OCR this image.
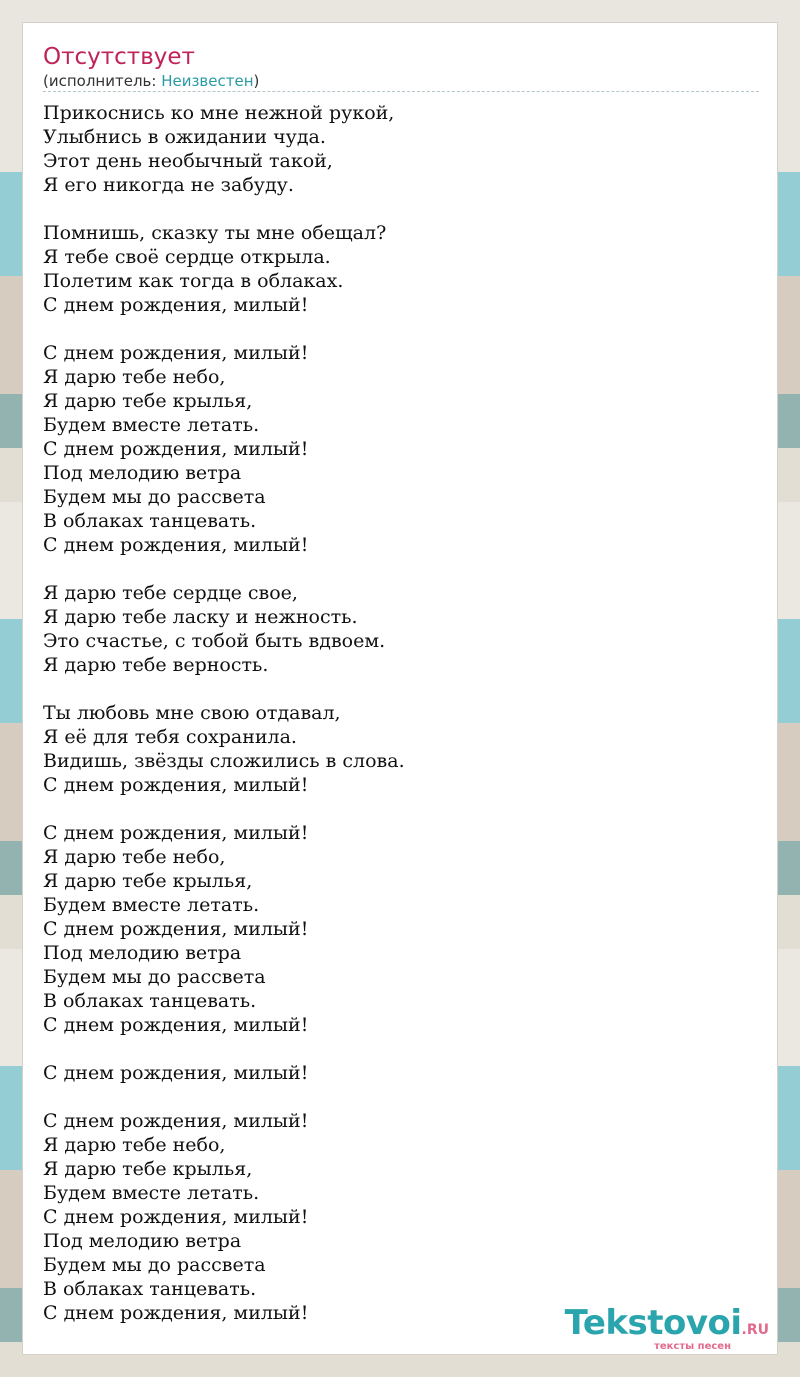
Отсутствует
(исполнитель: Неизвестен)
Прикоснись ко мне нежной рукой,
Улыбнись в ожидании чуда.
Этот день необычный такой,
Я его никогда не забуду.
Помнишь, сказку ты мне обещал?
Я тебе своё сердце открыла.
Полетим как тогда в облаках.
С днем рождения, милый!
С днем рождения, милый!
Я дарю тебе небо,
Я дарю тебе крылья,
Будем вместе летать.
С днем рождения, милый!
Под мелодию ветра
Будем мы до рассвета
В облаках танцевать.
С днем рождения, милый!
Я дарю тебе сердце свое,
Я дарю тебе ласку и нежность.
Это счастье, с тобой быть вдвоем.
Я дарю тебе верность.
Ты любовь мне свою отдавал,
Я её для тебя сохранила.
Видишь, звёзды сложились в слова.
С днем рождения, милый!
С днем рождения, милый!
Я дарю тебе небо,
Я дарю тебе крылья,
Будем вместе летать.
С днем рождения, милый!
Под мелодию ветра
Будем мы до рассвета
В облаках танцевать.
С днем рождения, милый!
С днем рождения, милый!
С днем рождения, милый!
Я дарю тебе небо,
Я дарю тебе крылья,
Будем вместе летать.
С днем рождения, милый!
Под мелодию ветра
Будем мы до рассвета
В облаках танцевать.
С днем рождения, милый!	Tekstovoi.RU
тексты песен
